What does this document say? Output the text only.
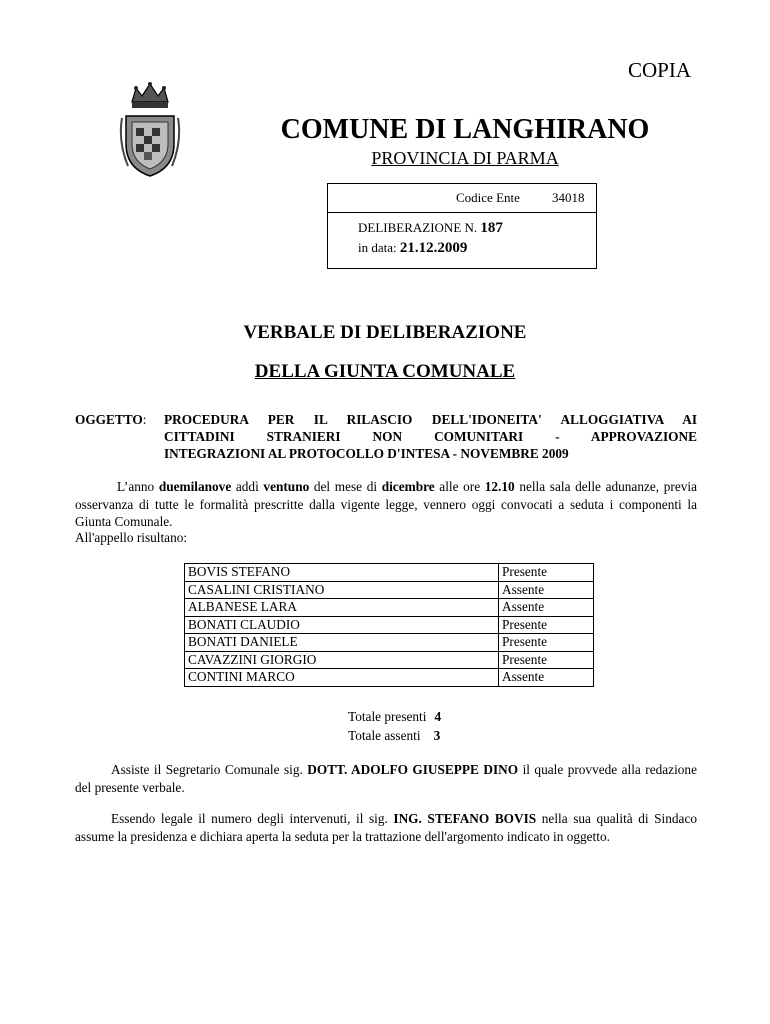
COPIA
COMUNE DI LANGHIRANO
PROVINCIA DI PARMA
Codice Ente 34018
DELIBERAZIONE N. 187
in data: 21.12.2009
VERBALE DI DELIBERAZIONE
DELLA GIUNTA COMUNALE
OGGETTO: PROCEDURA PER IL RILASCIO DELL'IDONEITA' ALLOGGIATIVA AI
CITTADINI STRANIERI NON COMUNITARI - APPROVAZIONE
INTEGRAZIONI AL PROTOCOLLO D'INTESA - NOVEMBRE 2009
L’anno duemilanove addì ventuno del mese di dicembre alle ore 12.10 nella sala delle adunanze, previa osservanza di tutte le formalità prescritte dalla vigente legge, vennero oggi convocati a seduta i componenti la Giunta Comunale.
All'appello risultano:
BOVIS STEFANO	Presente
CASALINI CRISTIANO	Assente
ALBANESE LARA	Assente
BONATI CLAUDIO	Presente
BONATI DANIELE	Presente
CAVAZZINI GIORGIO	Presente
CONTINI MARCO	Assente
Totale presenti 4
Totale assenti 3
Assiste il Segretario Comunale sig. DOTT. ADOLFO GIUSEPPE DINO il quale provvede alla redazione del presente verbale.
Essendo legale il numero degli intervenuti, il sig. ING. STEFANO BOVIS nella sua qualità di Sindaco assume la presidenza e dichiara aperta la seduta per la trattazione dell'argomento indicato in oggetto.
